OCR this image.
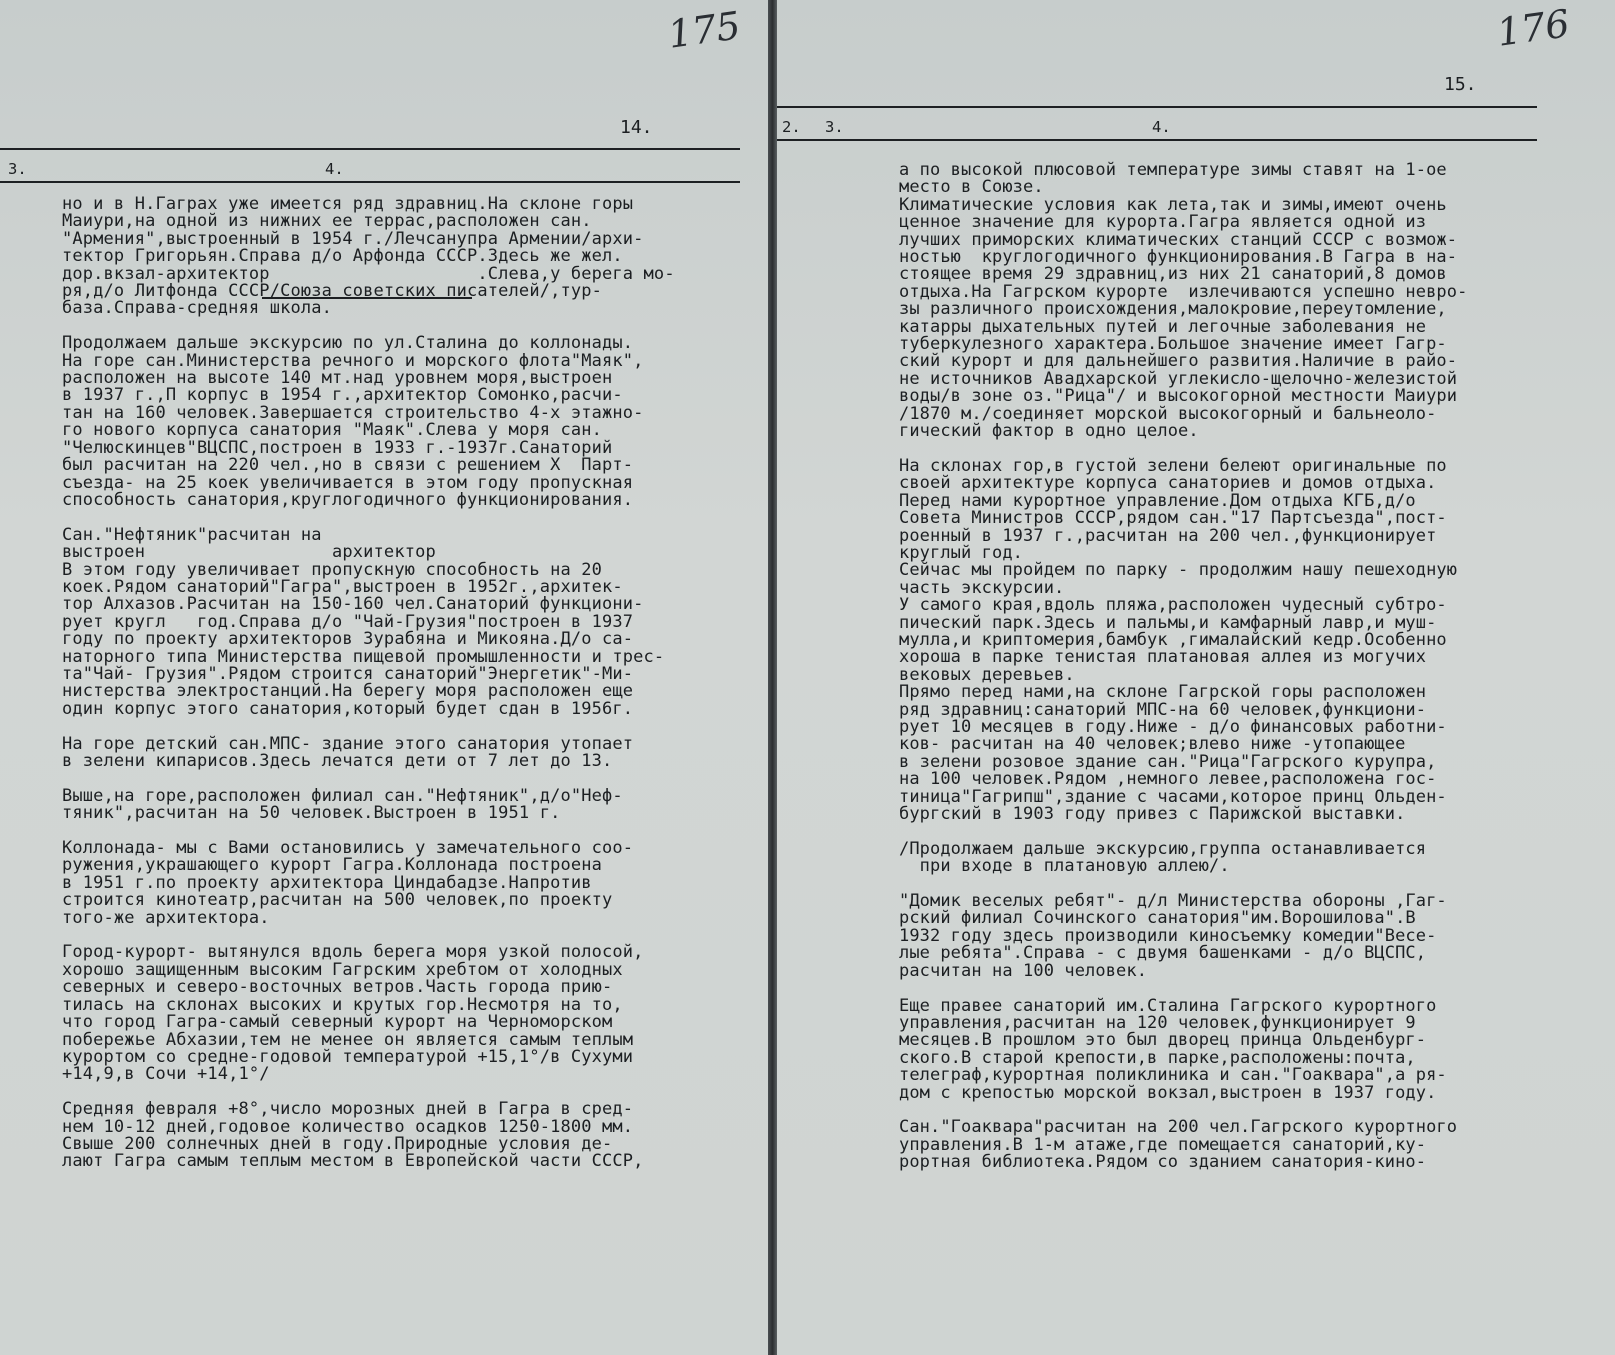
175
14.
3.	4.
но и в Н.Гаграх уже имеется ряд здравниц.На склоне горы
Маиури,на одной из нижних ее террас,расположен сан.
"Армения",выстроенный в 1954 г./Лечсанупра Армении/архи-
тектор Григорьян.Справа д/о Арфонда СССР.Здесь же жел.
дор.вкзал-архитектор                    .Слева,у берега мо-
ря,д/о Литфонда СССР/Союза советских писателей/,тур-
база.Справа-средняя школа.

Продолжаем дальше экскурсию по ул.Сталина до коллонады.
На горе сан.Министерства речного и морского флота"Маяк",
расположен на высоте 140 мт.над уровнем моря,выстроен
в 1937 г.,П корпус в 1954 г.,архитектор Сомонко,расчи-
тан на 160 человек.Завершается строительство 4-х этажно-
го нового корпуса санатория "Маяк".Слева у моря сан.
"Челюскинцев"ВЦСПС,построен в 1933 г.-1937г.Санаторий
был расчитан на 220 чел.,но в связи с решением Х  Парт-
съезда- на 25 коек увеличивается в этом году пропускная
способность санатория,круглогодичного функционирования.

Сан."Нефтяник"расчитан на
выстроен                  архитектор
В этом году увеличивает пропускную способность на 20
коек.Рядом санаторий"Гагра",выстроен в 1952г.,архитек-
тор Алхазов.Расчитан на 150-160 чел.Санаторий функциони-
рует кругл   год.Справа д/о "Чай-Грузия"построен в 1937
году по проекту архитекторов Зурабяна и Микояна.Д/о са-
наторного типа Министерства пищевой промышленности и трес-
та"Чай- Грузия".Рядом строится санаторий"Энергетик"-Ми-
нистерства электростанций.На берегу моря расположен еще
один корпус этого санатория,который будет сдан в 1956г.

На горе детский сан.МПС- здание этого санатория утопает
в зелени кипарисов.Здесь лечатся дети от 7 лет до 13.

Выше,на горе,расположен филиал сан."Нефтяник",д/о"Неф-
тяник",расчитан на 50 человек.Выстроен в 1951 г.

Коллонада- мы с Вами остановились у замечательного соо-
ружения,украшающего курорт Гагра.Коллонада построена
в 1951 г.по проекту архитектора Циндабадзе.Напротив
строится кинотеатр,расчитан на 500 человек,по проекту
того-же архитектора.

Город-курорт- вытянулся вдоль берега моря узкой полосой,
хорошо защищенным высоким Гагрским хребтом от холодных
северных и северо-восточных ветров.Часть города прию-
тилась на склонах высоких и крутых гор.Несмотря на то,
что город Гагра-самый северный курорт на Черноморском
побережье Абхазии,тем не менее он является самым теплым
курортом со средне-годовой температурой +15,1°/в Сухуми
+14,9,в Сочи +14,1°/

Средняя февраля +8°,число морозных дней в Гагра в сред-
нем 10-12 дней,годовое количество осадков 1250-1800 мм.
Свыше 200 солнечных дней в году.Природные условия де-
лают Гагра самым теплым местом в Европейской части СССР,
176
15.
2. 3.	4.
а по высокой плюсовой температуре зимы ставят на 1-ое
место в Союзе.
Климатические условия как лета,так и зимы,имеют очень
ценное значение для курорта.Гагра является одной из
лучших приморских климатических станций СССР с возмож-
ностью  круглогодичного функционирования.В Гагра в на-
стоящее время 29 здравниц,из них 21 санаторий,8 домов
отдыха.На Гагрском курорте  излечиваются успешно невро-
зы различного происхождения,малокровие,переутомление,
катарры дыхательных путей и легочные заболевания не
туберкулезного характера.Большое значение имеет Гагр-
ский курорт и для дальнейшего развития.Наличие в райо-
не источников Авадхарской углекисло-щелочно-железистой
воды/в зоне оз."Рица"/ и высокогорной местности Маиури
/1870 м./соединяет морской высокогорный и бальнеоло-
гический фактор в одно целое.

На склонах гор,в густой зелени белеют оригинальные по
своей архитектуре корпуса санаториев и домов отдыха.
Перед нами курортное управление.Дом отдыха КГБ,д/о
Совета Министров СССР,рядом сан."17 Партсъезда",пост-
роенный в 1937 г.,расчитан на 200 чел.,функционирует
круглый год.
Сейчас мы пройдем по парку - продолжим нашу пешеходную
часть экскурсии.
У самого края,вдоль пляжа,расположен чудесный субтро-
пический парк.Здесь и пальмы,и камфарный лавр,и муш-
мулла,и криптомерия,бамбук ,гималайский кедр.Особенно
хороша в парке тенистая платановая аллея из могучих
вековых деревьев.
Прямо перед нами,на склоне Гагрской горы расположен
ряд здравниц:санаторий МПС-на 60 человек,функциони-
рует 10 месяцев в году.Ниже - д/о финансовых работни-
ков- расчитан на 40 человек;влево ниже -утопающее
в зелени розовое здание сан."Рица"Гагрского курупра,
на 100 человек.Рядом ,немного левее,расположена гос-
тиница"Гагрипш",здание с часами,которое принц Ольден-
бургский в 1903 году привез с Парижской выставки.

/Продолжаем дальше экскурсию,группа останавливается
при входе в платановую аллею/.

"Домик веселых ребят"- д/л Министерства обороны ,Гаг-
рский филиал Сочинского санатория"им.Ворошилова".В
1932 году здесь производили киносъемку комедии"Весе-
лые ребята".Справа - с двумя башенками - д/о ВЦСПС,
расчитан на 100 человек.

Еще правее санаторий им.Сталина Гагрского курортного
управления,расчитан на 120 человек,функционирует 9
месяцев.В прошлом это был дворец принца Ольденбург-
ского.В старой крепости,в парке,расположены:почта,
телеграф,курортная поликлиника и сан."Гоаквара",а ря-
дом с крепостью морской вокзал,выстроен в 1937 году.

Сан."Гоаквара"расчитан на 200 чел.Гагрского курортного
управления.В 1-м атаже,где помещается санаторий,ку-
рортная библиотека.Рядом со зданием санатория-кино-
